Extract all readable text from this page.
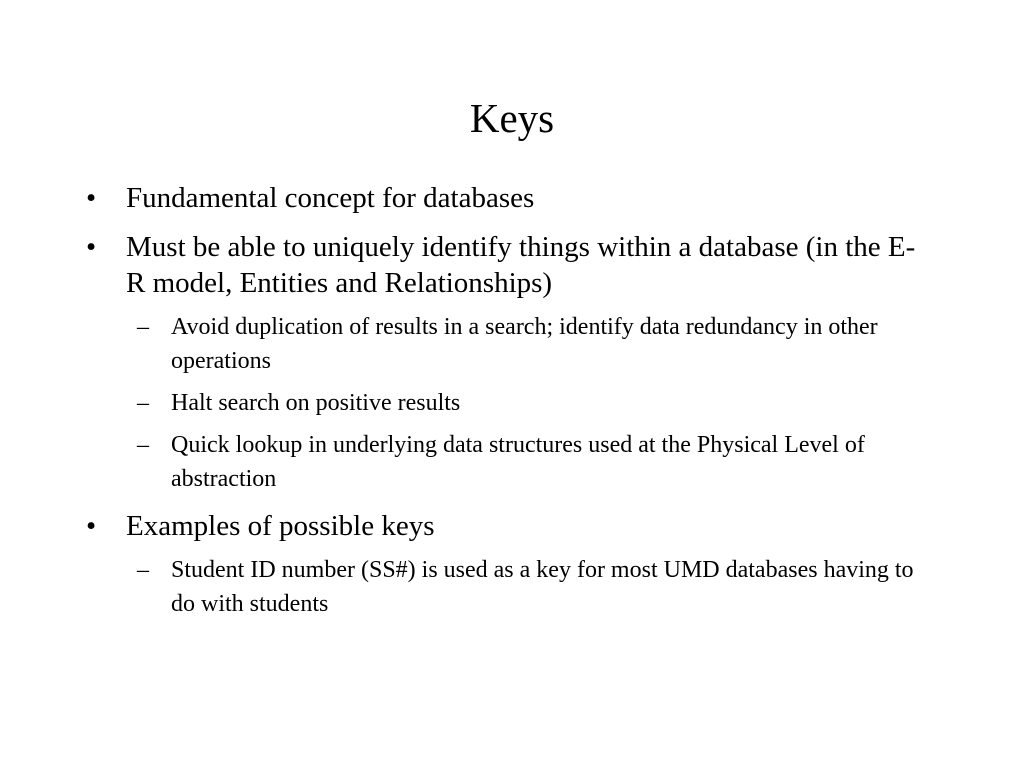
Keys
•	Fundamental concept for databases
•	Must be able to uniquely identify things within a database (in the E-R model, Entities and Relationships)
– Avoid duplication of results in a search; identify data redundancy in other operations
– Halt search on positive results
– Quick lookup in underlying data structures used at the Physical Level of abstraction
•	Examples of possible keys
– Student ID number (SS#) is used as a key for most UMD databases having to do with students
